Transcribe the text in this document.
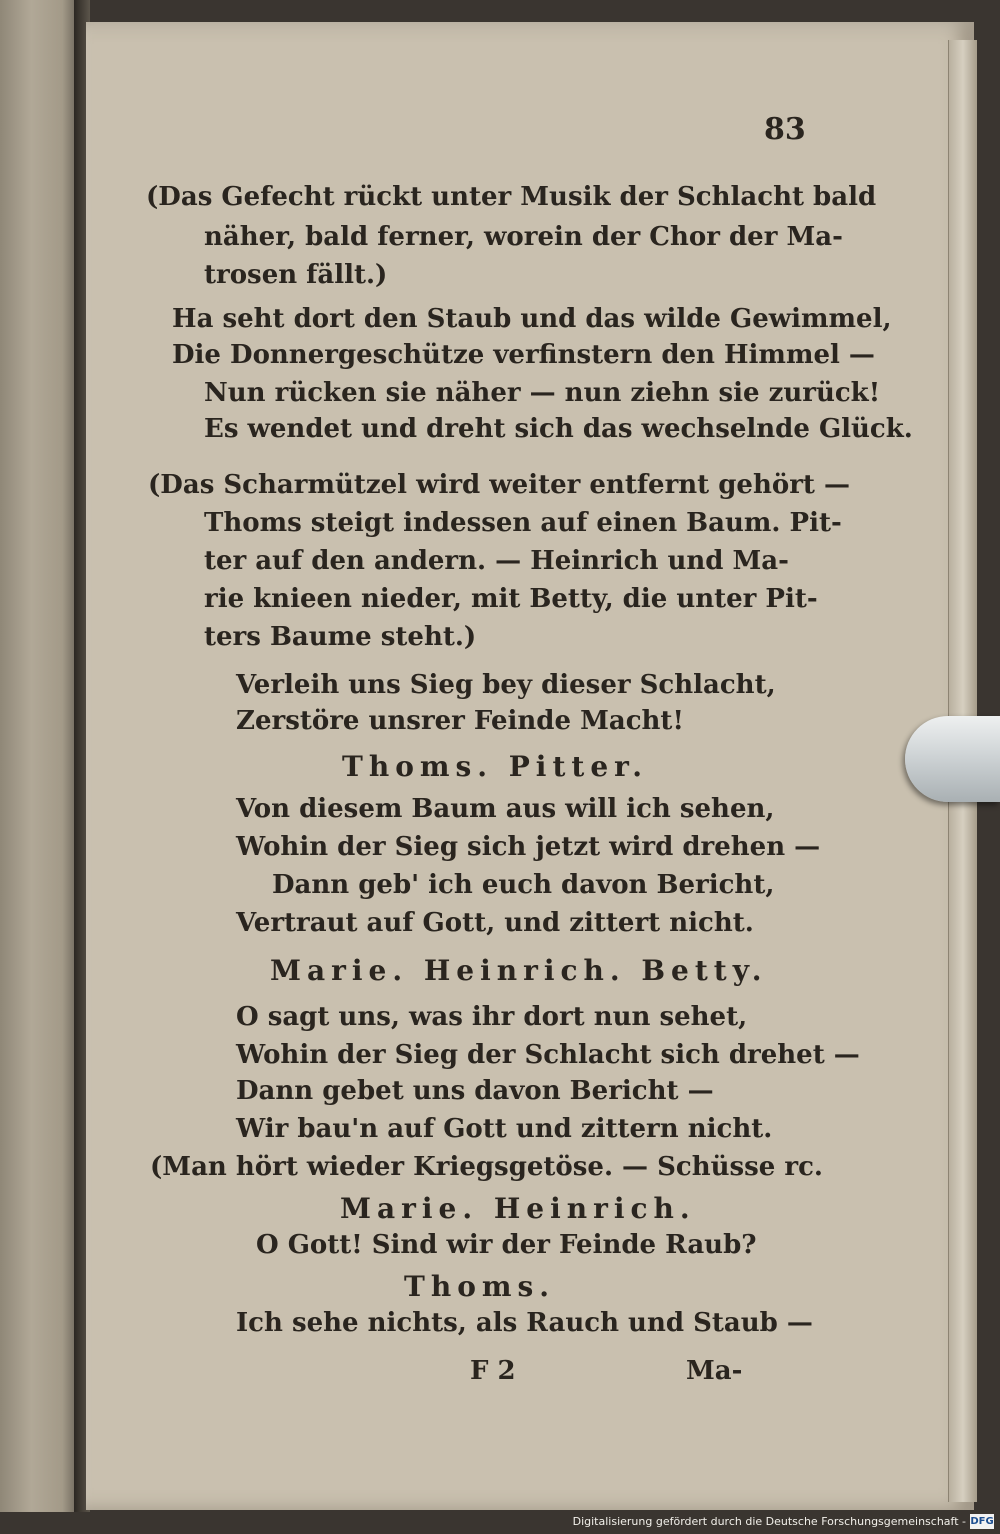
83
(Das Gefecht rückt unter Musik der Schlacht bald
näher, bald ferner, worein der Chor der Ma-
trosen fällt.)
Ha seht dort den Staub und das wilde Gewimmel,
Die Donnergeschütze verfinstern den Himmel —
Nun rücken sie näher — nun ziehn sie zurück!
Es wendet und dreht sich das wechselnde Glück.
(Das Scharmützel wird weiter entfernt gehört —
Thoms steigt indessen auf einen Baum. Pit-
ter auf den andern. — Heinrich und Ma-
rie knieen nieder, mit Betty, die unter Pit-
ters Baume steht.)
Verleih uns Sieg bey dieser Schlacht,
Zerstöre unsrer Feinde Macht!
Thoms. Pitter.
Von diesem Baum aus will ich sehen,
Wohin der Sieg sich jetzt wird drehen —
Dann geb' ich euch davon Bericht,
Vertraut auf Gott, und zittert nicht.
Marie. Heinrich. Betty.
O sagt uns, was ihr dort nun sehet,
Wohin der Sieg der Schlacht sich drehet —
Dann gebet uns davon Bericht —
Wir bau'n auf Gott und zittern nicht.
(Man hört wieder Kriegsgetöse. — Schüsse rc.
Marie. Heinrich.
O Gott! Sind wir der Feinde Raub?
Thoms.
Ich sehe nichts, als Rauch und Staub —
F 2	Ma-
Digitalisierung gefördert durch die Deutsche Forschungsgemeinschaft - DFG
